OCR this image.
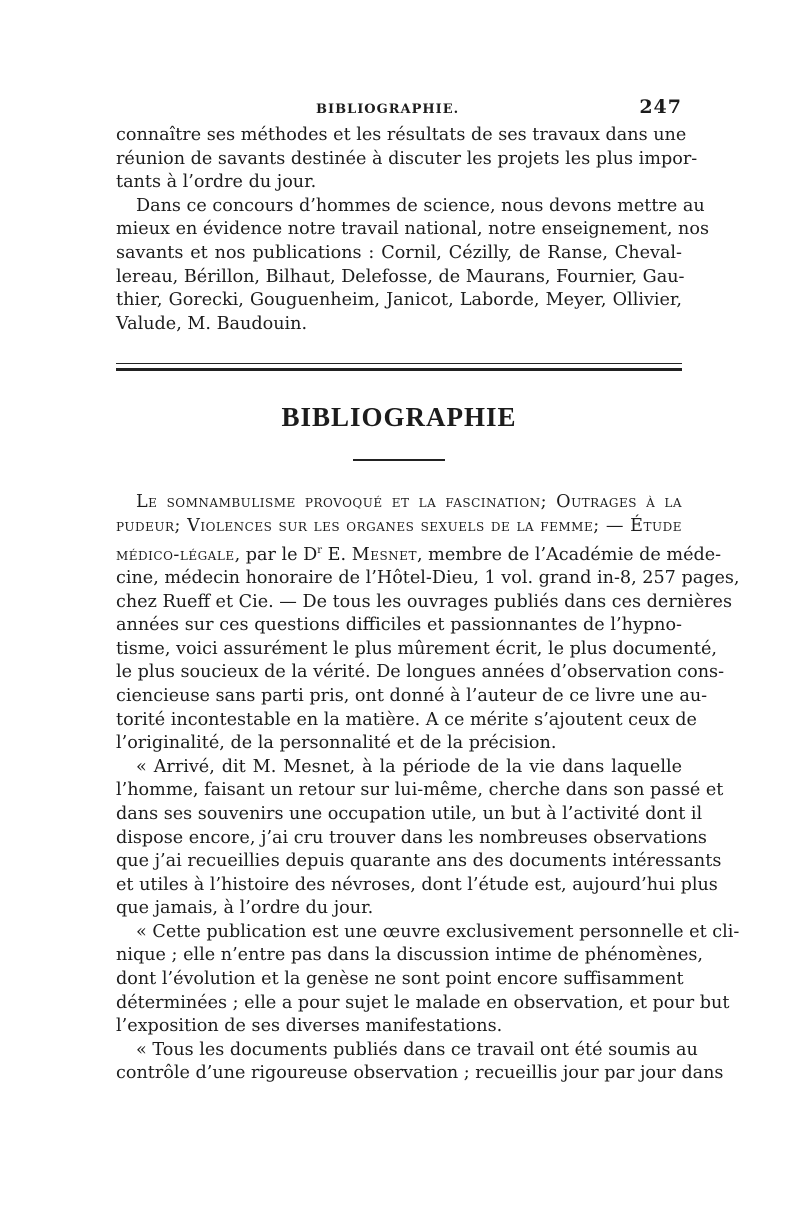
BIBLIOGRAPHIE.	247

connaître ses méthodes et les résultats de ses travaux dans une
réunion de savants destinée à discuter les projets les plus impor-
tants à l’ordre du jour.

Dans ce concours d’hommes de science, nous devons mettre au
mieux en évidence notre travail national, notre enseignement, nos
savants et nos publications : Cornil, Cézilly, de Ranse, Cheval-
lereau, Bérillon, Bilhaut, Delefosse, de Maurans, Fournier, Gau-
thier, Gorecki, Gouguenheim, Janicot, Laborde, Meyer, Ollivier,
Valude, M. Baudouin.

BIBLIOGRAPHIE

Le somnambulisme provoqué et la fascination; Outrages à la
pudeur; Violences sur les organes sexuels de la femme; — Étude
médico-légale, par le $D^r$ E. Mesnet, membre de l’Académie de méde-
cine, médecin honoraire de l’Hôtel-Dieu, 1 vol. grand in-8, 257 pages,
chez Rueff et Cie. — De tous les ouvrages publiés dans ces dernières
années sur ces questions difficiles et passionnantes de l’hypno-
tisme, voici assurément le plus mûrement écrit, le plus documenté,
le plus soucieux de la vérité. De longues années d’observation cons-
ciencieuse sans parti pris, ont donné à l’auteur de ce livre une au-
torité incontestable en la matière. A ce mérite s’ajoutent ceux de
l’originalité, de la personnalité et de la précision.

« Arrivé, dit M. Mesnet, à la période de la vie dans laquelle
l’homme, faisant un retour sur lui-même, cherche dans son passé et
dans ses souvenirs une occupation utile, un but à l’activité dont il
dispose encore, j’ai cru trouver dans les nombreuses observations
que j’ai recueillies depuis quarante ans des documents intéressants
et utiles à l’histoire des névroses, dont l’étude est, aujourd’hui plus
que jamais, à l’ordre du jour.

« Cette publication est une œuvre exclusivement personnelle et cli-
nique ; elle n’entre pas dans la discussion intime de phénomènes,
dont l’évolution et la genèse ne sont point encore suffisamment
déterminées ; elle a pour sujet le malade en observation, et pour but
l’exposition de ses diverses manifestations.

« Tous les documents publiés dans ce travail ont été soumis au
contrôle d’une rigoureuse observation ; recueillis jour par jour dans
